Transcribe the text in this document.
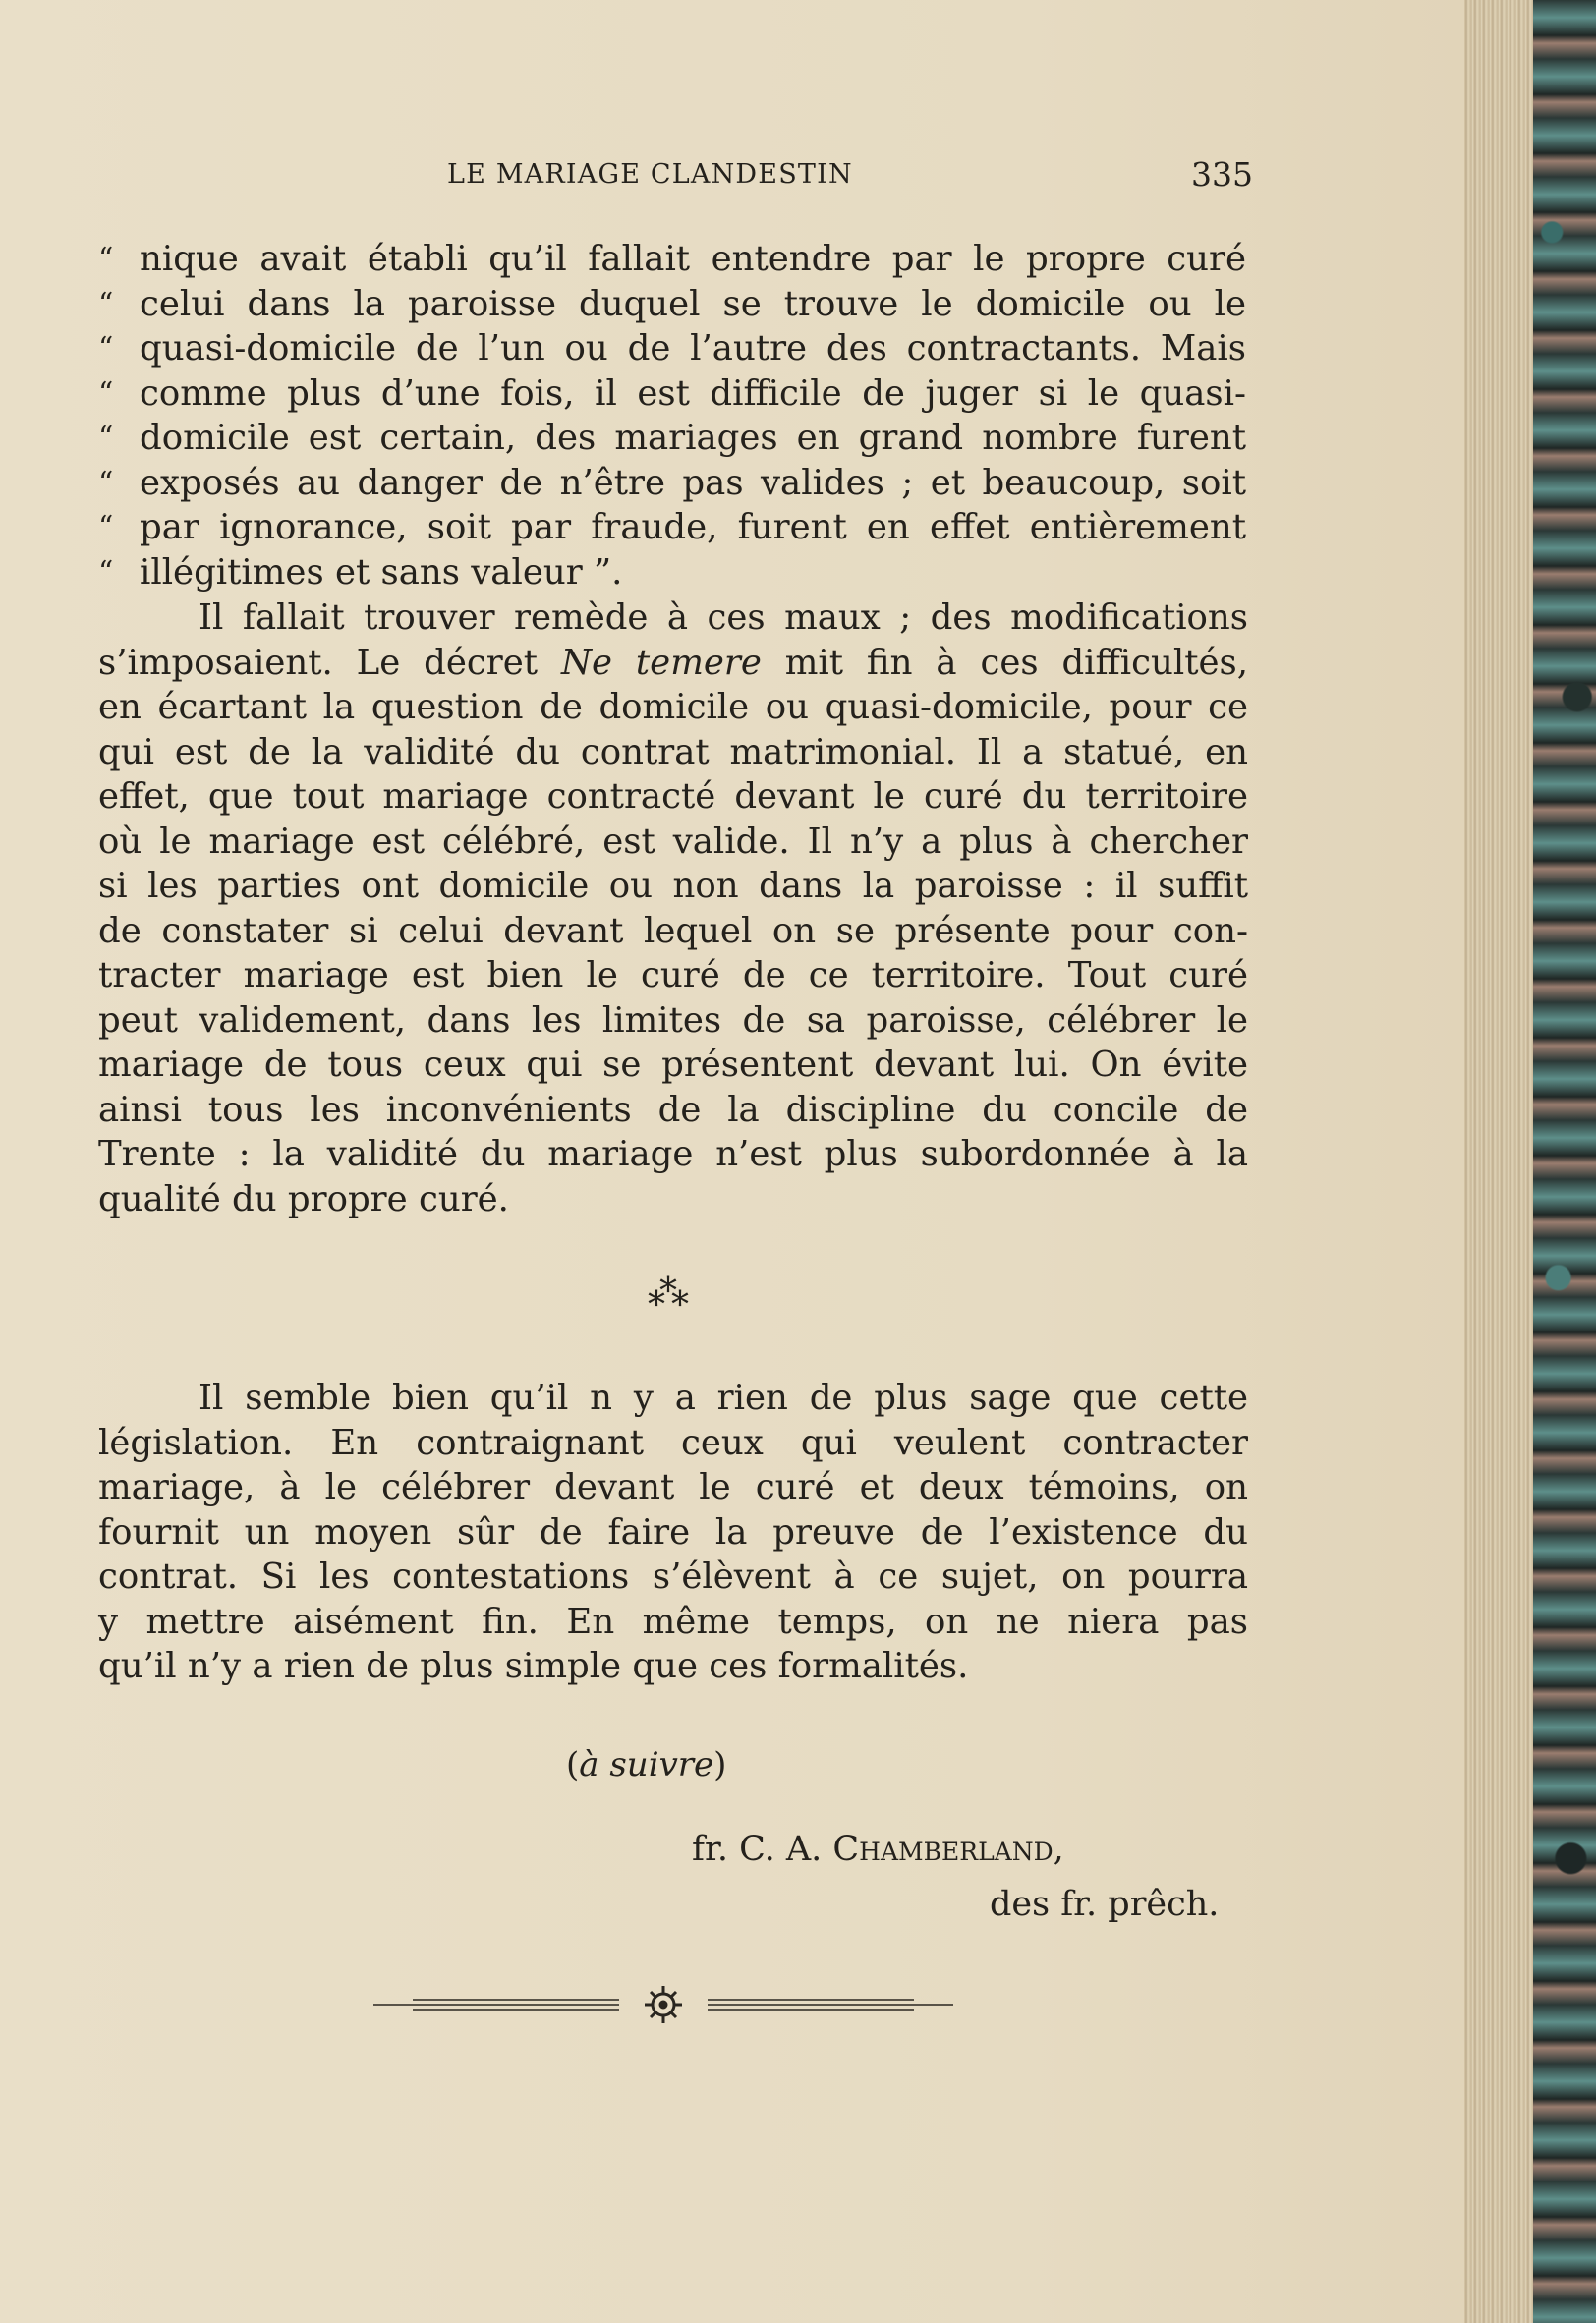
LE MARIAGE CLANDESTIN	335
“ nique avait établi qu’il fallait entendre par le propre curé
“ celui dans la paroisse duquel se trouve le domicile ou le
“ quasi-domicile de l’un ou de l’autre des contractants. Mais
“ comme plus d’une fois, il est difficile de juger si le quasi-
“ domicile est certain, des mariages en grand nombre furent
“ exposés au danger de n’être pas valides ; et beaucoup, soit
“ par ignorance, soit par fraude, furent en effet entièrement
“ illégitimes et sans valeur ”.
Il fallait trouver remède à ces maux ; des modifications
s’imposaient. Le décret Ne temere mit fin à ces difficultés,
en écartant la question de domicile ou quasi-domicile, pour ce
qui est de la validité du contrat matrimonial. Il a statué, en
effet, que tout mariage contracté devant le curé du territoire
où le mariage est célébré, est valide. Il n’y a plus à chercher
si les parties ont domicile ou non dans la paroisse : il suffit
de constater si celui devant lequel on se présente pour con-
tracter mariage est bien le curé de ce territoire. Tout curé
peut validement, dans les limites de sa paroisse, célébrer le
mariage de tous ceux qui se présentent devant lui. On évite
ainsi tous les inconvénients de la discipline du concile de
Trente : la validité du mariage n’est plus subordonnée à la
qualité du propre curé.
***
Il semble bien qu’il n y a rien de plus sage que cette
législation. En contraignant ceux qui veulent contracter
mariage, à le célébrer devant le curé et deux témoins, on
fournit un moyen sûr de faire la preuve de l’existence du
contrat. Si les contestations s’élèvent à ce sujet, on pourra
y mettre aisément fin. En même temps, on ne niera pas
qu’il n’y a rien de plus simple que ces formalités.
(à suivre)
fr. C. A. Chamberland,
des fr. prêch.
